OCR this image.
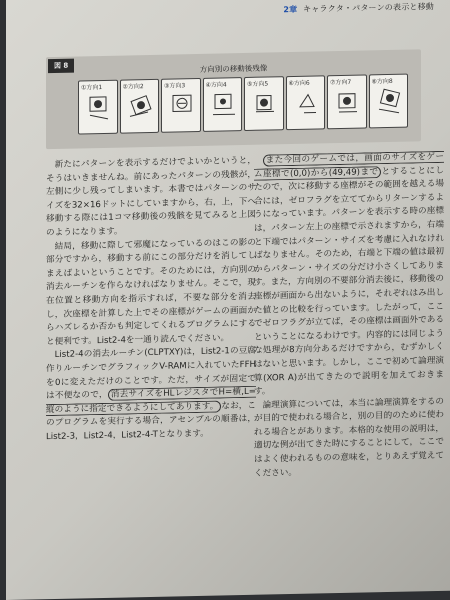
2章 キャラクタ・パターンの表示と移動
図 8	方向別の移動後残像
①方向1	②方向2	③方向3	④方向4	⑤方向5	⑥方向6	⑦方向7	⑧方向8

新たにパターンを表示するだけでよいかというと，そうはいきませんね。前にあったパターンの残骸が，左側に少し残ってしまいます。本書ではパターンのサイズを32×16ドットにしていますから，右，上，下へ移動する際には1コマ移動後の残骸を見てみると上図のようになります。

結局，移動に際して邪魔になっているのはこの影の部分ですから，移動する前にこの部分だけを消してしまえばよいということです。そのためには，方向別の消去ルーチンを作らなければなりません。そこで，現在位置と移動方向を指示すれば，不要な部分を消去し，次座標を計算した上でその座標がゲームの画面からハズレるか否かも判定してくれるプログラムにすると便利です。List2-4を一通り読んでください。

List2-4の消去ルーチン(CLPTXY)は，List2-1の豆腐作りルーチンでグラフィックV-RAMに入れていたFFHを0に変えただけのことです。ただ，サイズが固定では不便なので， 消去サイズをHLレジスタでH=横,L=縦のように指定できるようにしてあります。 なお，このプログラムを実行する場合，アセンブルの順番は，List2-3，List2-4，List2-4-Tとなります。

また今回のゲームでは，画面のサイズをゲーム座標で(0,0)から(49,49)まで とすることにしたので，次に移動する座標がその範囲を越える場合には，ゼロフラグを立ててからリターンするようになっています。パターンを表示する時の座標は，パターン左上の座標で示されますから，右端と下端ではパターン・サイズを考慮に入れなければなりません。そのため，右端と下端の値は最初からパターン・サイズの分だけ小さくしてあります。また，方向別の不要部分消去後に，移動後の座標が画面から出ないように，それぞれはみ出した値との比較を行っています。したがって，ここでゼロフラグが立てば，その座標は画面外であるということになるわけです。内容的には同じような処理が8方向分あるだけですから，むずかしくはないと思います。しかし，ここで初めて論理演算(XOR A)が出てきたので説明を加えておきます。

論理演算については，本当に論理演算をするのが目的で使われる場合と，別の目的のために使われる場合とがあります。本格的な使用の説明は，適切な例が出てきた時にすることにして，ここではよく使われるものの意味を，とりあえず覚えてください。
